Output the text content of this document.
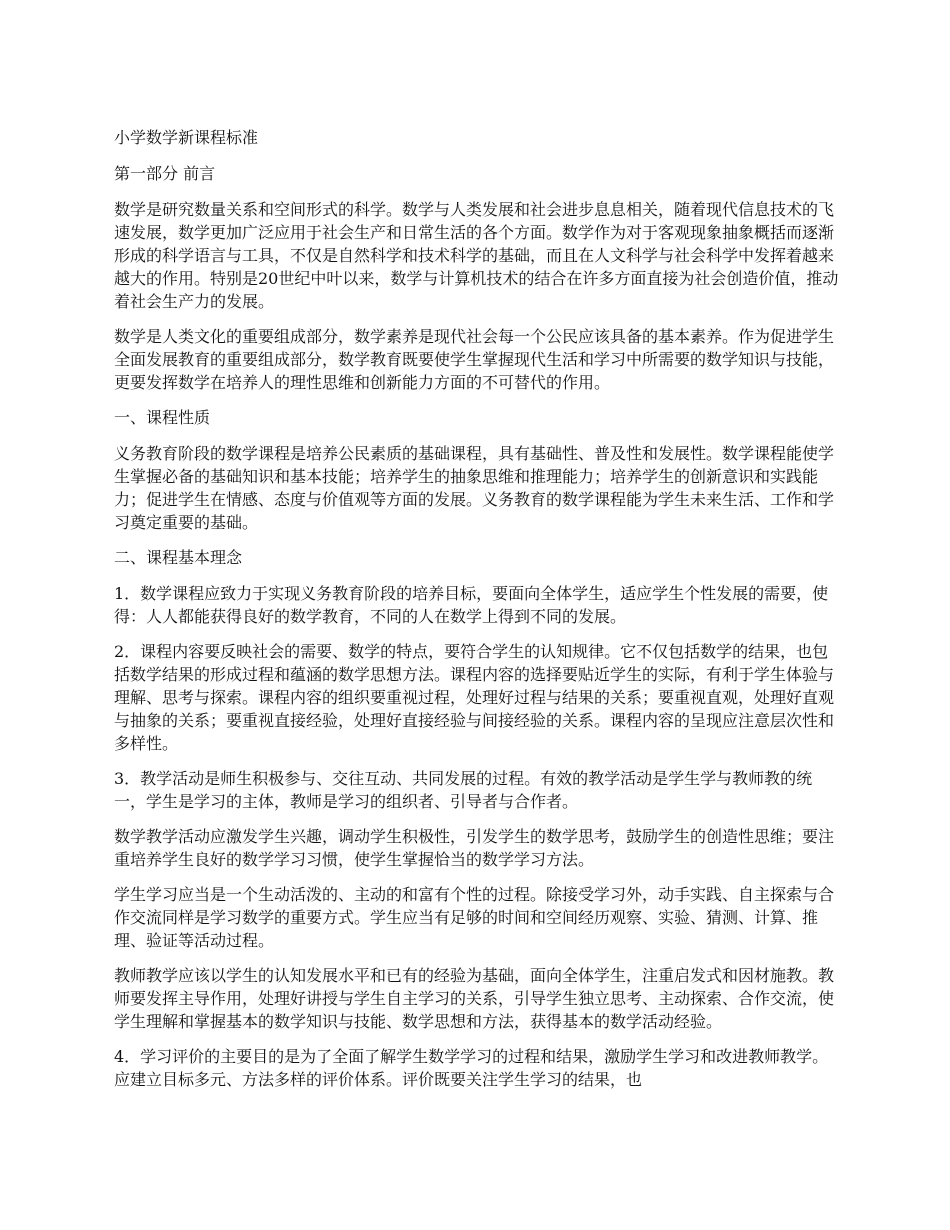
小学数学新课程标准

第一部分 前言

数学是研究数量关系和空间形式的科学。数学与人类发展和社会进步息息相关，随着现代信息技术的飞速发展，数学更加广泛应用于社会生产和日常生活的各个方面。数学作为对于客观现象抽象概括而逐渐形成的科学语言与工具，不仅是自然科学和技术科学的基础，而且在人文科学与社会科学中发挥着越来越大的作用。特别是20世纪中叶以来，数学与计算机技术的结合在许多方面直接为社会创造价值，推动着社会生产力的发展。

数学是人类文化的重要组成部分，数学素养是现代社会每一个公民应该具备的基本素养。作为促进学生全面发展教育的重要组成部分，数学教育既要使学生掌握现代生活和学习中所需要的数学知识与技能，更要发挥数学在培养人的理性思维和创新能力方面的不可替代的作用。

一、课程性质

义务教育阶段的数学课程是培养公民素质的基础课程，具有基础性、普及性和发展性。数学课程能使学生掌握必备的基础知识和基本技能；培养学生的抽象思维和推理能力；培养学生的创新意识和实践能力；促进学生在情感、态度与价值观等方面的发展。义务教育的数学课程能为学生未来生活、工作和学习奠定重要的基础。

二、课程基本理念

1．数学课程应致力于实现义务教育阶段的培养目标，要面向全体学生，适应学生个性发展的需要，使得：人人都能获得良好的数学教育，不同的人在数学上得到不同的发展。

2．课程内容要反映社会的需要、数学的特点，要符合学生的认知规律。它不仅包括数学的结果，也包括数学结果的形成过程和蕴涵的数学思想方法。课程内容的选择要贴近学生的实际，有利于学生体验与理解、思考与探索。课程内容的组织要重视过程，处理好过程与结果的关系；要重视直观，处理好直观与抽象的关系；要重视直接经验，处理好直接经验与间接经验的关系。课程内容的呈现应注意层次性和多样性。

3．教学活动是师生积极参与、交往互动、共同发展的过程。有效的教学活动是学生学与教师教的统一，学生是学习的主体，教师是学习的组织者、引导者与合作者。

数学教学活动应激发学生兴趣，调动学生积极性，引发学生的数学思考，鼓励学生的创造性思维；要注重培养学生良好的数学学习习惯，使学生掌握恰当的数学学习方法。

学生学习应当是一个生动活泼的、主动的和富有个性的过程。除接受学习外，动手实践、自主探索与合作交流同样是学习数学的重要方式。学生应当有足够的时间和空间经历观察、实验、猜测、计算、推理、验证等活动过程。

教师教学应该以学生的认知发展水平和已有的经验为基础，面向全体学生，注重启发式和因材施教。教师要发挥主导作用，处理好讲授与学生自主学习的关系，引导学生独立思考、主动探索、合作交流，使学生理解和掌握基本的数学知识与技能、数学思想和方法，获得基本的数学活动经验。

4．学习评价的主要目的是为了全面了解学生数学学习的过程和结果，激励学生学习和改进教师教学。应建立目标多元、方法多样的评价体系。评价既要关注学生学习的结果，也
